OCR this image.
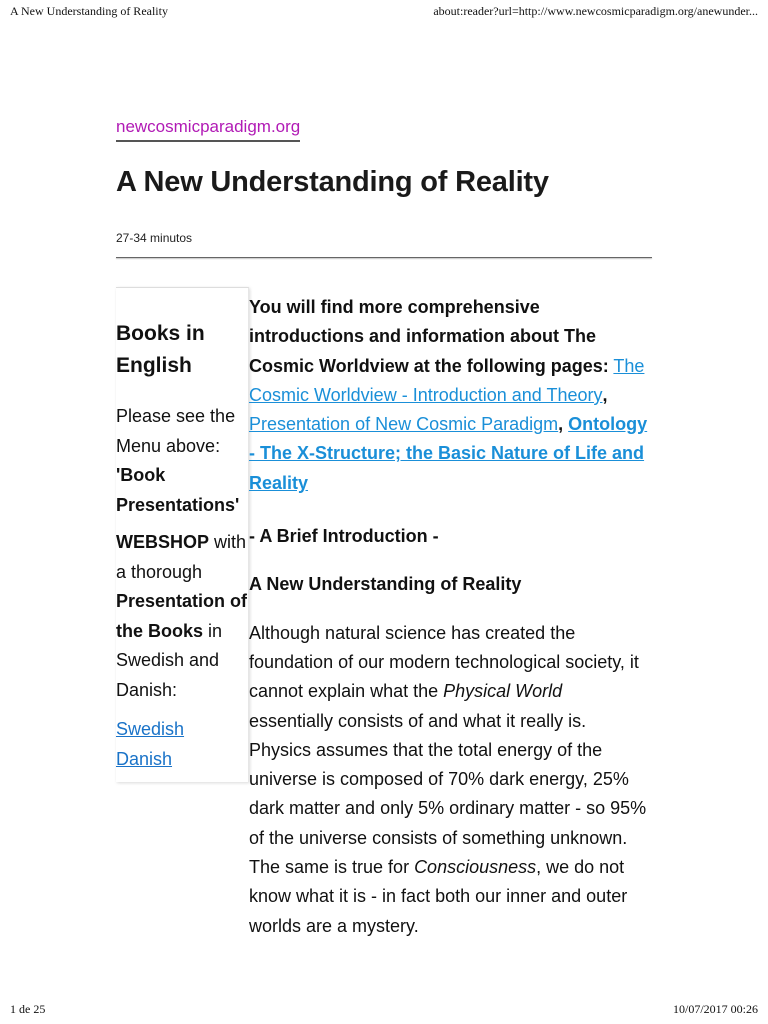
A New Understanding of Reality	about:reader?url=http://www.newcosmicparadigm.org/anewunder...
newcosmicparadigm.org
A New Understanding of Reality
27-34 minutos
Books in
English

Please see the Menu above: 'Book Presentations'

WEBSHOP with a thorough Presentation of the Books in Swedish and Danish:

Swedish
Danish

You will find more comprehensive introductions and information about The Cosmic Worldview at the following pages: The Cosmic Worldview - Introduction and Theory, Presentation of New Cosmic Paradigm, Ontology - The X-Structure; the Basic Nature of Life and Reality

- A Brief Introduction -

A New Understanding of Reality

Although natural science has created the foundation of our modern technological society, it cannot explain what the Physical World essentially consists of and what it really is. Physics assumes that the total energy of the universe is composed of 70% dark energy, 25% dark matter and only 5% ordinary matter - so 95% of the universe consists of something unknown. The same is true for Consciousness, we do not know what it is - in fact both our inner and outer worlds are a mystery.

1 de 25	10/07/2017 00:26
